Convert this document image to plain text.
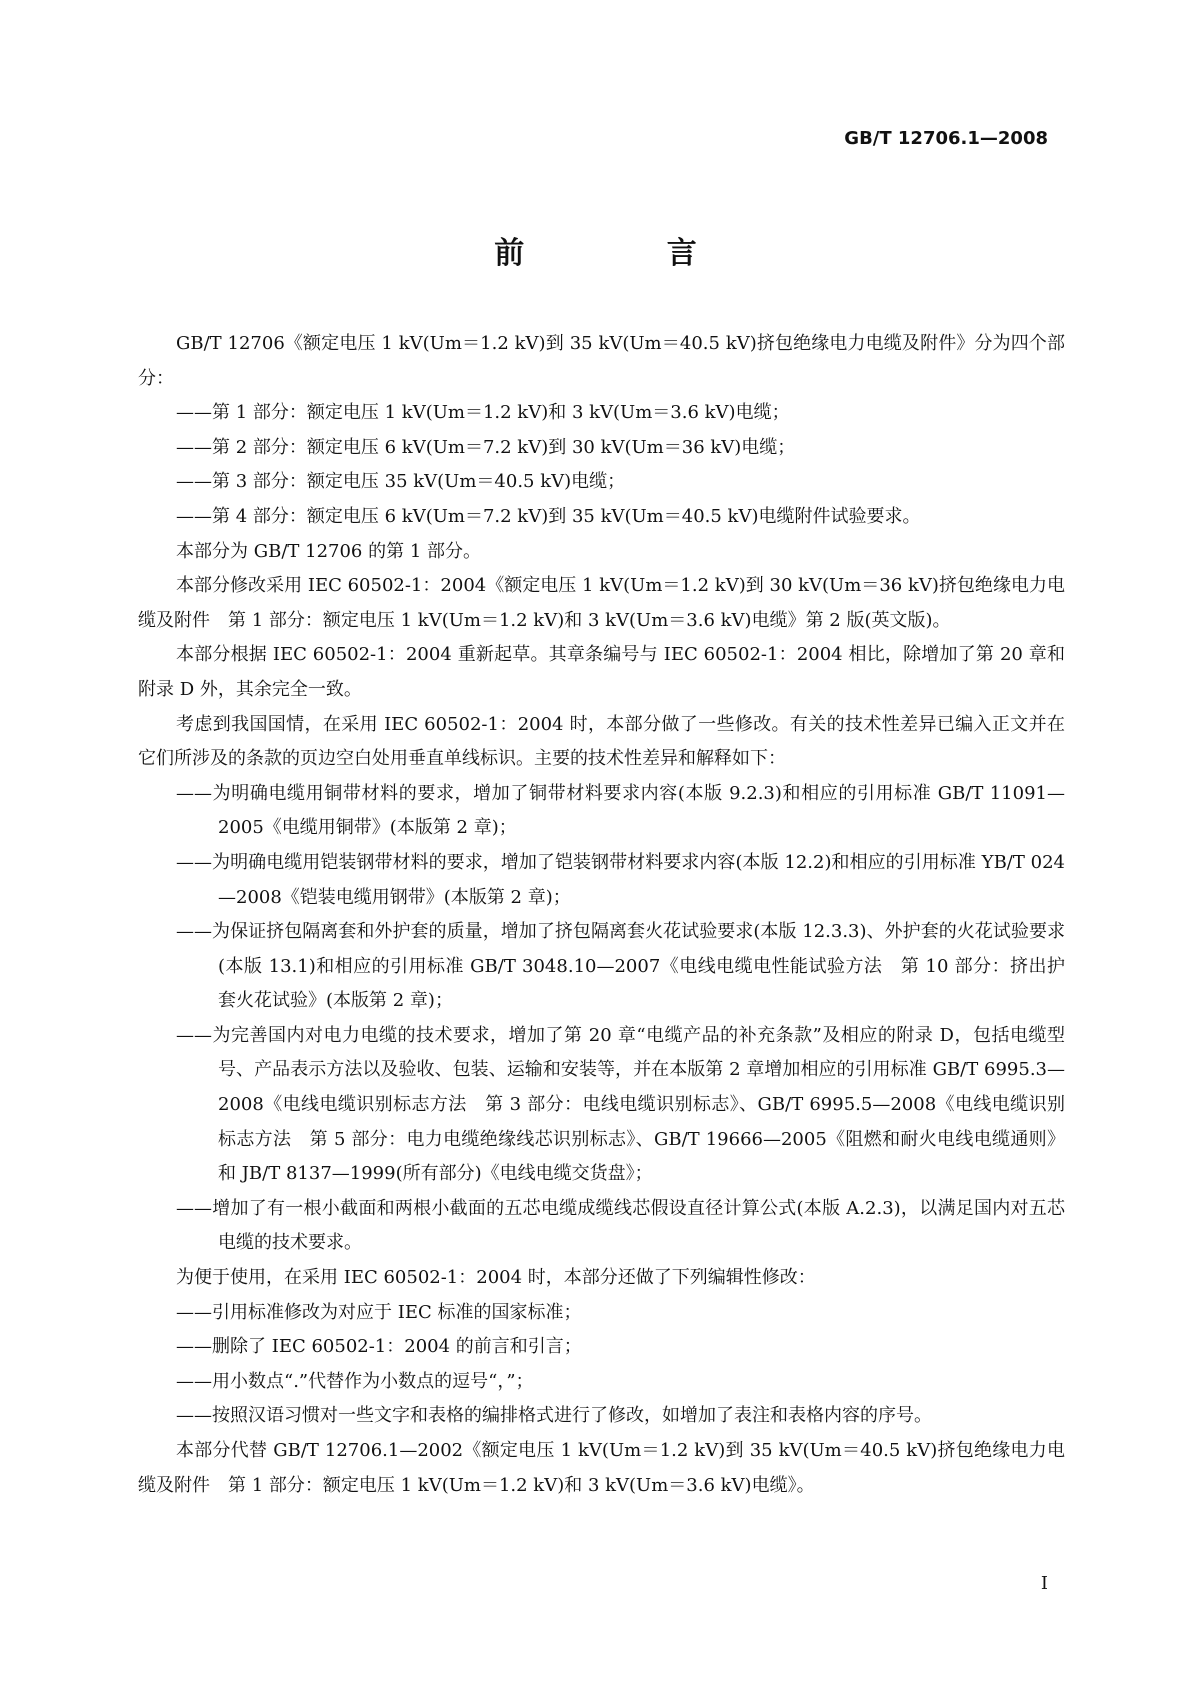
GB/T 12706.1—2008
前 言

GB/T 12706《额定电压 1 kV(Um＝1.2 kV)到 35 kV(Um＝40.5 kV)挤包绝缘电力电缆及附件》分为四个部分：

——第 1 部分：额定电压 1 kV(Um＝1.2 kV)和 3 kV(Um＝3.6 kV)电缆；

——第 2 部分：额定电压 6 kV(Um＝7.2 kV)到 30 kV(Um＝36 kV)电缆；

——第 3 部分：额定电压 35 kV(Um＝40.5 kV)电缆；

——第 4 部分：额定电压 6 kV(Um＝7.2 kV)到 35 kV(Um＝40.5 kV)电缆附件试验要求。

本部分为 GB/T 12706 的第 1 部分。

本部分修改采用 IEC 60502-1：2004《额定电压 1 kV(Um＝1.2 kV)到 30 kV(Um＝36 kV)挤包绝缘电力电缆及附件　第 1 部分：额定电压 1 kV(Um＝1.2 kV)和 3 kV(Um＝3.6 kV)电缆》第 2 版(英文版)。

本部分根据 IEC 60502-1：2004 重新起草。其章条编号与 IEC 60502-1：2004 相比，除增加了第 20 章和附录 D 外，其余完全一致。

考虑到我国国情，在采用 IEC 60502-1：2004 时，本部分做了一些修改。有关的技术性差异已编入正文并在它们所涉及的条款的页边空白处用垂直单线标识。主要的技术性差异和解释如下：

——为明确电缆用铜带材料的要求，增加了铜带材料要求内容(本版 9.2.3)和相应的引用标准 GB/T 11091—2005《电缆用铜带》(本版第 2 章)；

——为明确电缆用铠装钢带材料的要求，增加了铠装钢带材料要求内容(本版 12.2)和相应的引用标准 YB/T 024—2008《铠装电缆用钢带》(本版第 2 章)；

——为保证挤包隔离套和外护套的质量，增加了挤包隔离套火花试验要求(本版 12.3.3)、外护套的火花试验要求(本版 13.1)和相应的引用标准 GB/T 3048.10—2007《电线电缆电性能试验方法　第 10 部分：挤出护套火花试验》(本版第 2 章)；

——为完善国内对电力电缆的技术要求，增加了第 20 章“电缆产品的补充条款”及相应的附录 D，包括电缆型号、产品表示方法以及验收、包装、运输和安装等，并在本版第 2 章增加相应的引用标准 GB/T 6995.3—2008《电线电缆识别标志方法　第 3 部分：电线电缆识别标志》、GB/T 6995.5—2008《电线电缆识别标志方法　第 5 部分：电力电缆绝缘线芯识别标志》、GB/T 19666—2005《阻燃和耐火电线电缆通则》和 JB/T 8137—1999(所有部分)《电线电缆交货盘》；

——增加了有一根小截面和两根小截面的五芯电缆成缆线芯假设直径计算公式(本版 A.2.3)，以满足国内对五芯电缆的技术要求。

为便于使用，在采用 IEC 60502-1：2004 时，本部分还做了下列编辑性修改：

——引用标准修改为对应于 IEC 标准的国家标准；

——删除了 IEC 60502-1：2004 的前言和引言；

——用小数点“.”代替作为小数点的逗号“，”；

——按照汉语习惯对一些文字和表格的编排格式进行了修改，如增加了表注和表格内容的序号。

本部分代替 GB/T 12706.1—2002《额定电压 1 kV(Um＝1.2 kV)到 35 kV(Um＝40.5 kV)挤包绝缘电力电缆及附件　第 1 部分：额定电压 1 kV(Um＝1.2 kV)和 3 kV(Um＝3.6 kV)电缆》。

I
